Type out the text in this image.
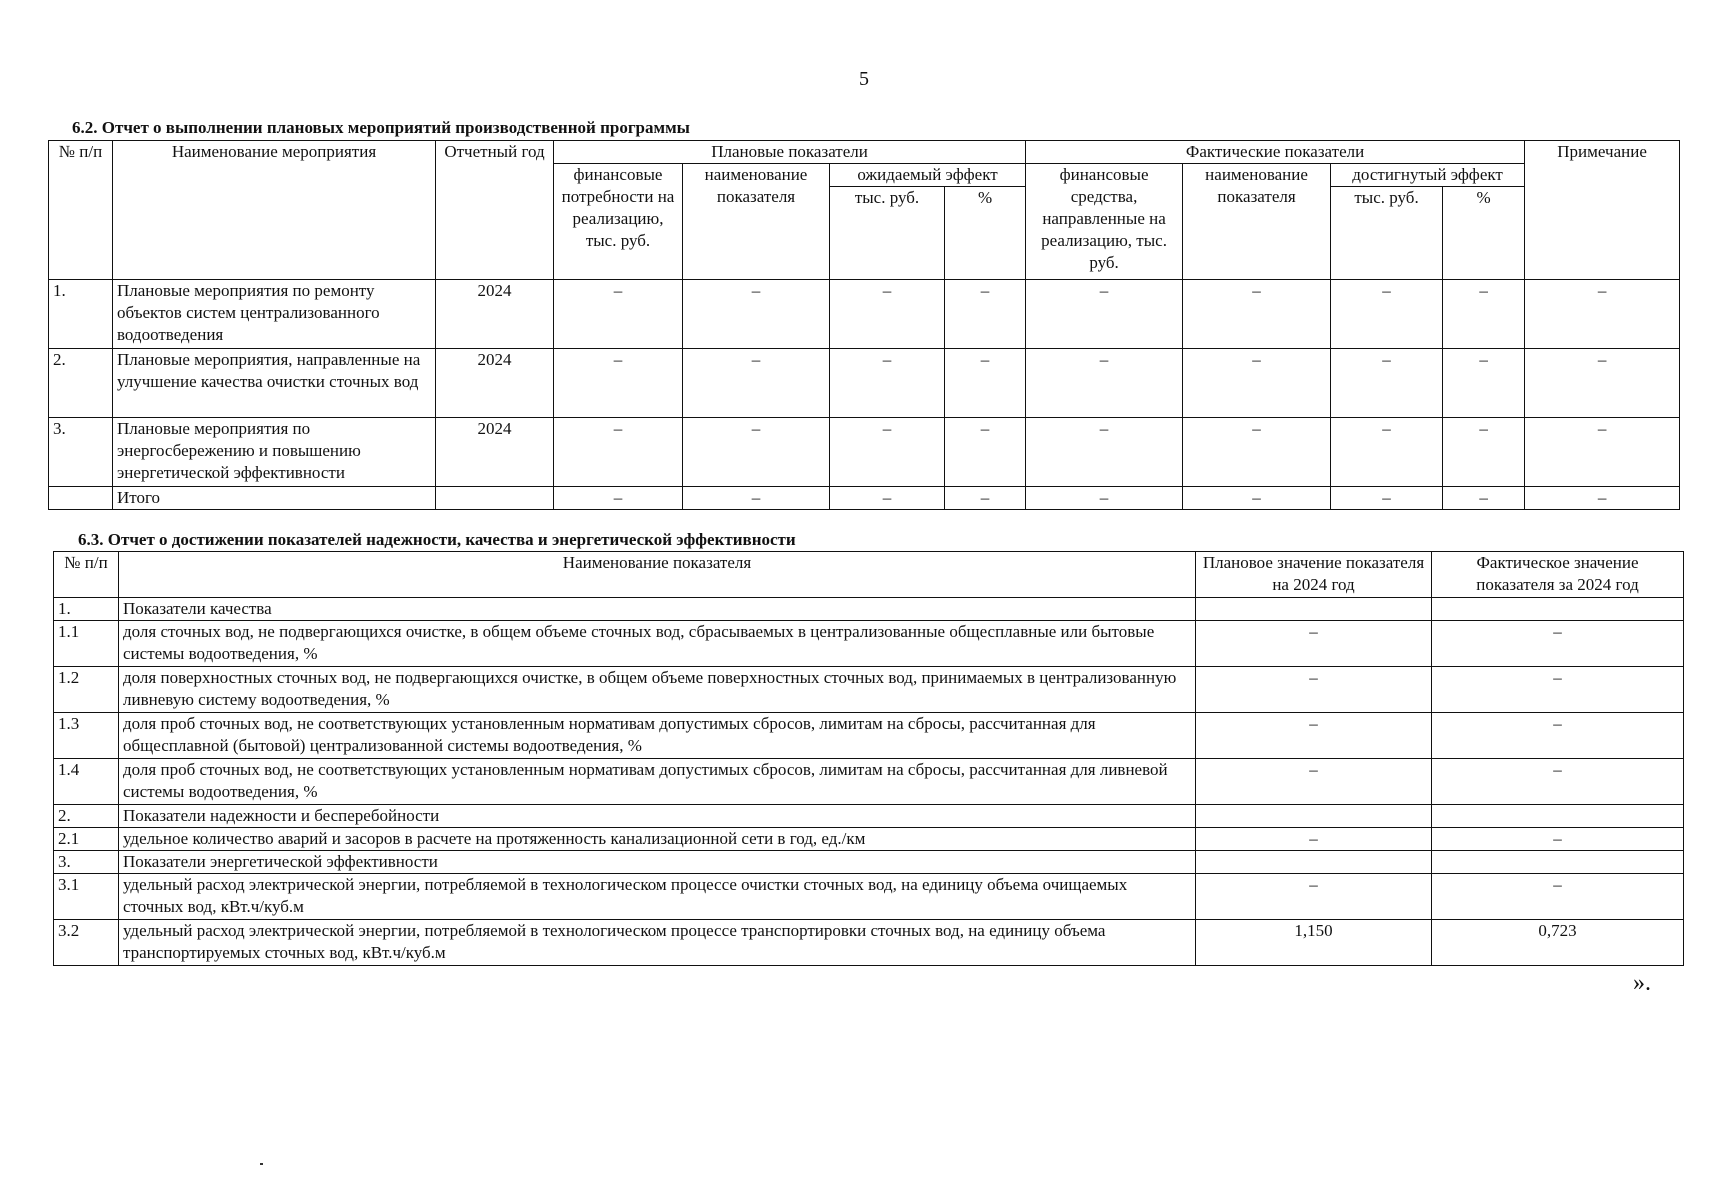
5
6.2. Отчет о выполнении плановых мероприятий производственной программы
№ п/п	Наименование мероприятия	Отчетный год	Плановые показатели				Фактические показатели				Примечание
			финансовые потребности на реализацию, тыс. руб.	наименование показателя	ожидаемый эффект		финансовые средства, направленные на реализацию, тыс. руб.	наименование показателя	достигнутый эффект		
					тыс. руб.	%			тыс. руб.	%	
1.	Плановые мероприятия по ремонту объектов систем централизованного водоотведения	2024	–	–	–	–	–	–	–	–	–
2.	Плановые мероприятия, направленные на улучшение качества очистки сточных вод	2024	–	–	–	–	–	–	–	–	–
3.	Плановые мероприятия по энергосбережению и повышению энергетической эффективности	2024	–	–	–	–	–	–	–	–	–
	Итого		–	–	–	–	–	–	–	–	–
6.3. Отчет о достижении показателей надежности, качества и энергетической эффективности
№ п/п	Наименование показателя	Плановое значение показателя на 2024 год	Фактическое значение показателя за 2024 год
1.	Показатели качества		
1.1	доля сточных вод, не подвергающихся очистке, в общем объеме сточных вод, сбрасываемых в централизованные общесплавные или бытовые системы водоотведения, %	–	–
1.2	доля поверхностных сточных вод, не подвергающихся очистке, в общем объеме поверхностных сточных вод, принимаемых в централизованную ливневую систему водоотведения, %	–	–
1.3	доля проб сточных вод, не соответствующих установленным нормативам допустимых сбросов, лимитам на сбросы, рассчитанная для общесплавной (бытовой) централизованной системы водоотведения, %	–	–
1.4	доля проб сточных вод, не соответствующих установленным нормативам допустимых сбросов, лимитам на сбросы, рассчитанная для ливневой системы водоотведения, %	–	–
2.	Показатели надежности и бесперебойности		
2.1	удельное количество аварий и засоров в расчете на протяженность канализационной сети в год, ед./км	–	–
3.	Показатели энергетической эффективности		
3.1	удельный расход электрической энергии, потребляемой в технологическом процессе очистки сточных вод, на единицу объема очищаемых сточных вод, кВт.ч/куб.м	–	–
3.2	удельный расход электрической энергии, потребляемой в технологическом процессе транспортировки сточных вод, на единицу объема транспортируемых сточных вод, кВт.ч/куб.м	1,150	0,723
».
